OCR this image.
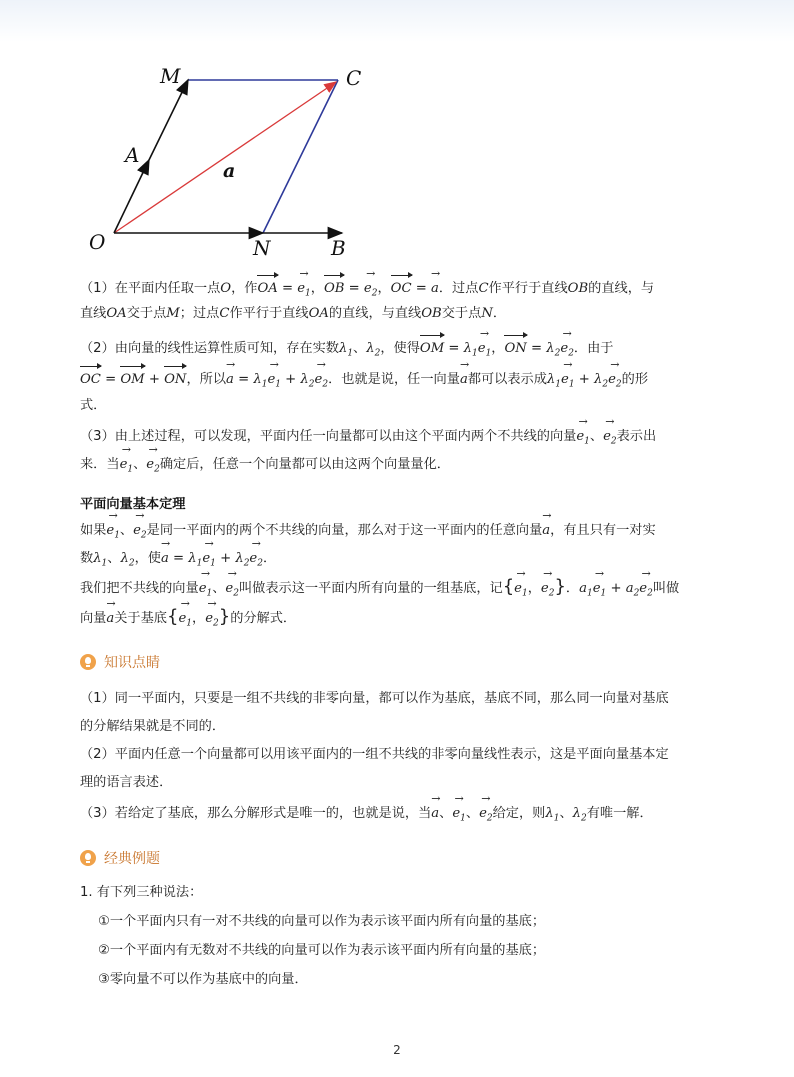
M	C
A
a
O	N	B
（1）在平面内任取一点O，作OA = → $e_1$，OB = → $e_2$，OC = → a．过点C作平行于直线OB的直线，与
直线OA交于点M；过点C作平行于直线OA的直线，与直线OB交于点N．
（2）由向量的线性运算性质可知，存在实数$\lambda_1$、$\lambda_2$，使得OM = $\lambda_1\to e_1$，ON = $\lambda_2\to e_2$．由于
OC = OM + ON，所以→ $a = \lambda_1\to e_1 + \lambda_2\to e_2$．也就是说，任一向量→ a都可以表示成$\lambda_1\to e_1 + \lambda_2\to e_2$的形
式．
（3）由上述过程，可以发现，平面内任一向量都可以由这个平面内两个不共线的向量→ $e_1$、→ $e_2$表示出
来．当→ $e_1$、→ $e_2$确定后，任意一个向量都可以由这两个向量量化．
平面向量基本定理
如果→ $e_1$、→ $e_2$是同一平面内的两个不共线的向量，那么对于这一平面内的任意向量→ a，有且只有一对实
数$\lambda_1$、$\lambda_2$，使→ $a = \lambda_1\to e_1 + \lambda_2\to e_2$．
我们把不共线的向量→ $e_1$、→ $e_2$叫做表示这一平面内所有向量的一组基底，记{→ $e_1$，→ $e_2$}．$a_1\to e_1 + a_2\to e_2$叫做
向量→ a关于基底{→ $e_1$，→ $e_2$}的分解式．
知识点睛
（1）同一平面内，只要是一组不共线的非零向量，都可以作为基底，基底不同，那么同一向量对基底
的分解结果就是不同的．
（2）平面内任意一个向量都可以用该平面内的一组不共线的非零向量线性表示，这是平面向量基本定
理的语言表述．
（3）若给定了基底，那么分解形式是唯一的，也就是说，当→ a、→ $e_1$、→ $e_2$给定，则$\lambda_1$、$\lambda_2$有唯一解．
经典例题
1. 有下列三种说法：
①一个平面内只有一对不共线的向量可以作为表示该平面内所有向量的基底；
②一个平面内有无数对不共线的向量可以作为表示该平面内所有向量的基底；
③零向量不可以作为基底中的向量．
2
